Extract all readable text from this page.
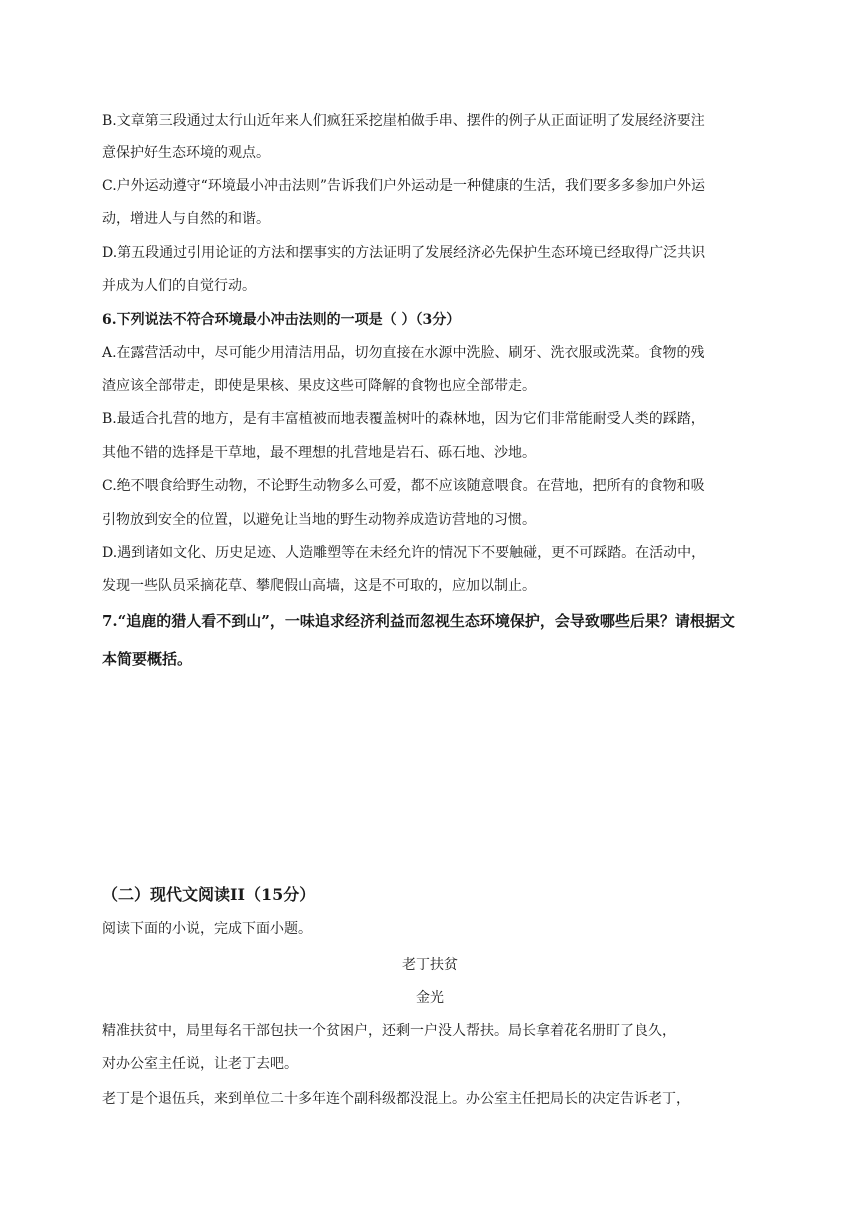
B.文章第三段通过太行山近年来人们疯狂采挖崖柏做手串、摆件的例子从正面证明了发展经济要注
意保护好生态环境的观点。
C.户外运动遵守“环境最小冲击法则”告诉我们户外运动是一种健康的生活，我们要多多参加户外运
动，增进人与自然的和谐。
D.第五段通过引用论证的方法和摆事实的方法证明了发展经济必先保护生态环境已经取得广泛共识
并成为人们的自觉行动。
6.下列说法不符合环境最小冲击法则的一项是（ ）（3分）
A.在露营活动中，尽可能少用清洁用品，切勿直接在水源中洗脸、刷牙、洗衣服或洗菜。食物的残
渣应该全部带走，即使是果核、果皮这些可降解的食物也应全部带走。
B.最适合扎营的地方，是有丰富植被而地表覆盖树叶的森林地，因为它们非常能耐受人类的踩踏，
其他不错的选择是干草地，最不理想的扎营地是岩石、砾石地、沙地。
C.绝不喂食给野生动物，不论野生动物多么可爱，都不应该随意喂食。在营地，把所有的食物和吸
引物放到安全的位置，以避免让当地的野生动物养成造访营地的习惯。
D.遇到诸如文化、历史足迹、人造雕塑等在未经允许的情况下不要触碰，更不可踩踏。在活动中，
发现一些队员采摘花草、攀爬假山高墙，这是不可取的，应加以制止。
7.“追鹿的猎人看不到山”，一味追求经济利益而忽视生态环境保护，会导致哪些后果？请根据文
本简要概括。
（二）现代文阅读II（15分）
阅读下面的小说，完成下面小题。
老丁扶贫
金光
精准扶贫中，局里每名干部包扶一个贫困户，还剩一户没人帮扶。局长拿着花名册盯了良久，
对办公室主任说，让老丁去吧。
老丁是个退伍兵，来到单位二十多年连个副科级都没混上。办公室主任把局长的决定告诉老丁，
